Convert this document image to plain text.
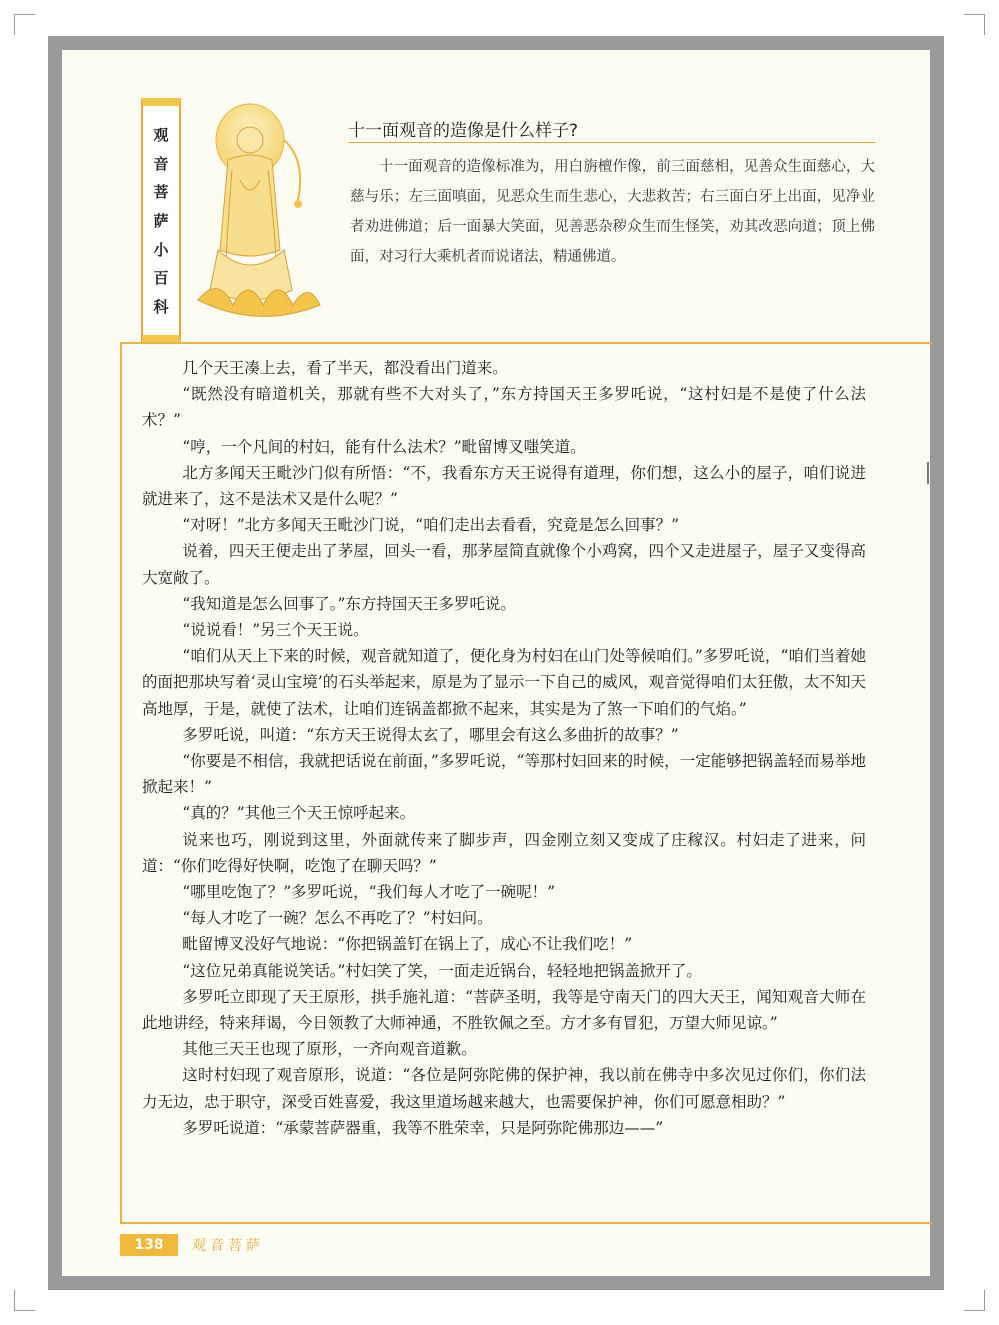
观
音
菩
萨
小
百
科
十一面观音的造像是什么样子?
十一面观音的造像标准为，用白旃檀作像，前三面慈相，见善众生面慈心，大慈与乐；左三面嗔面，见恶众生而生悲心，大悲救苦；右三面白牙上出面，见净业者劝进佛道；后一面暴大笑面，见善恶杂秽众生而生怪笑，劝其改恶向道；顶上佛面，对习行大乘机者而说诸法，精通佛道。

几个天王凑上去，看了半天，都没看出门道来。

“既然没有暗道机关，那就有些不大对头了，”东方持国天王多罗吒说，“这村妇是不是使了什么法术？”

“哼，一个凡间的村妇，能有什么法术？”毗留博叉嗤笑道。

北方多闻天王毗沙门似有所悟：“不，我看东方天王说得有道理，你们想，这么小的屋子，咱们说进就进来了，这不是法术又是什么呢？”

“对呀！”北方多闻天王毗沙门说，“咱们走出去看看，究竟是怎么回事？”

说着，四天王便走出了茅屋，回头一看，那茅屋简直就像个小鸡窝，四个又走进屋子，屋子又变得高大宽敞了。

“我知道是怎么回事了。”东方持国天王多罗吒说。

“说说看！”另三个天王说。

“咱们从天上下来的时候，观音就知道了，便化身为村妇在山门处等候咱们。”多罗吒说，“咱们当着她的面把那块写着‘灵山宝境’的石头举起来，原是为了显示一下自己的威风，观音觉得咱们太狂傲，太不知天高地厚，于是，就使了法术，让咱们连锅盖都掀不起来，其实是为了煞一下咱们的气焰。”

多罗吒说，叫道：“东方天王说得太玄了，哪里会有这么多曲折的故事？”

“你要是不相信，我就把话说在前面，”多罗吒说，“等那村妇回来的时候，一定能够把锅盖轻而易举地掀起来！”

“真的？”其他三个天王惊呼起来。

说来也巧，刚说到这里，外面就传来了脚步声，四金刚立刻又变成了庄稼汉。村妇走了进来，问道：“你们吃得好快啊，吃饱了在聊天吗？”

“哪里吃饱了？”多罗吒说，“我们每人才吃了一碗呢！”

“每人才吃了一碗？怎么不再吃了？”村妇问。

毗留博叉没好气地说：“你把锅盖钉在锅上了，成心不让我们吃！”

“这位兄弟真能说笑话。”村妇笑了笑，一面走近锅台，轻轻地把锅盖掀开了。

多罗吒立即现了天王原形，拱手施礼道：“菩萨圣明，我等是守南天门的四大天王，闻知观音大师在此地讲经，特来拜谒，今日领教了大师神通，不胜钦佩之至。方才多有冒犯，万望大师见谅。”

其他三天王也现了原形，一齐向观音道歉。

这时村妇现了观音原形，说道：“各位是阿弥陀佛的保护神，我以前在佛寺中多次见过你们，你们法力无边，忠于职守，深受百姓喜爱，我这里道场越来越大，也需要保护神，你们可愿意相助？”

多罗吒说道：“承蒙菩萨器重，我等不胜荣幸，只是阿弥陀佛那边——”

138	观音菩萨
